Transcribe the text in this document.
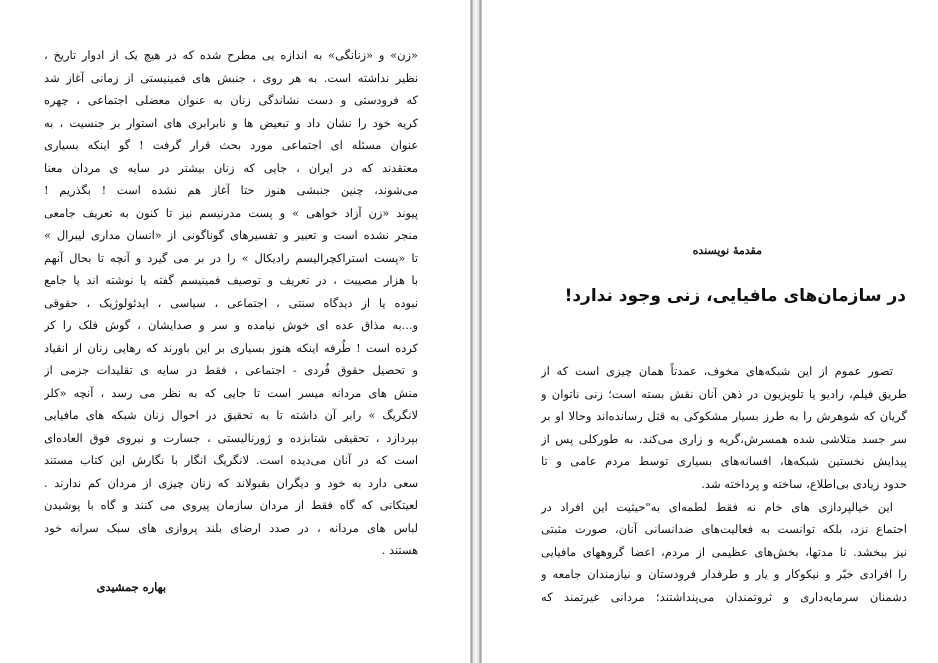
«زن» و «زنانگی» به اندازه یی مطرح شده که در هیچ یک از ادوار تاریخ ،
نظیر نداشته است. به هر روی ، جنبش های فمینیستی از زمانی آغاز شد
که فرودستی و دست نشاندگی زنان به عنوان معضلی اجتماعی ، چهره
کریه خود را نشان داد و تبعیض ها و نابرابری های استوار بر جنسیت ، به
عنوان مسئله ای اجتماعی مورد بحث قرار گرفت ! گو اینکه بسیاری
معتقدند که در ایران ، جایی که زنان بیشتر در سایه ی مردان معنا
می‌شوند، چنین جنبشی هنوز حتا آغاز هم نشده است ! بگذریم !
پیوند «زن آزاد خواهی » و پست مدرنیسم نیز تا کنون به تعریف جامعی
منجر نشده است و تعبیر و تفسیرهای گوناگونی از «انسان مداری لیبرال »
تا «پست استراکچرالیسم رادیکال » را در بر می گیرد و آنچه تا بحال آنهم
با هزار مصیبت ، در تعریف و توصیف فمینیسم گفته یا نوشته اند یا جامع
نبوده یا از دیدگاه سنتی ، اجتماعی ، سیاسی ، ایدئولوژیک ، حقوقی
و...به مذاق عده ای خوش نیامده و سر و صدایشان ، گوش فلک را کر
کرده است ! طُرفه اینکه هنوز بسیاری بر این باورند که رهایی زنان از انقیاد
و تحصیل حقوق فُردی - اجتماعی ، فقط در سایه ی تقلیدات جزمی از
منش های مردانه میسر است تا جایی که به نظر می رسد ، آنچه «کلر
لانگریگ » رابر آن داشته تا به تحقیق در احوال زنان شبکه های مافیایی
بپردازد ، تحقیقی شتابزده و ژورنالیستی ، جسارت و نیروی فوق العاده‌ای
است که در آنان می‌دیده است. لانگریگ انگار با نگارش این کتاب مستند
سعی دارد به خود و دیگران بقبولاند که زنان چیزی از مردان کم ندارند .
لعیتکانی که گاه فقط از مردان سازمان پیروی می کنند و گاه با پوشیدن
لباس های مردانه ، در صدد ارضای بلند پروازی های سبک سرانه خود
هستند .
بهاره جمشیدی
مقدمهٔ نویسنده
در سازمان‌های مافیایی، زنی وجود ندارد!
تصور عموم از این شبکه‌های مخوف، عمدتاً همان چیزی است که از
طریق فیلم، رادیو یا تلویزیون در ذهن آنان نقش بسته است؛ زنی ناتوان و
گریان که شوهرش را به طرز بسیار مشکوکی به قتل رسانده‌اند وحالا او بر
سر جسد متلاشی شده همسرش،گریه و زاری می‌کند. به طورکلی پس از
پیدایش نخستین شبکه‌ها، افسانه‌های بسیاری توسط مردم عامی و تا
حدود زیادی بی‌اطلاع، ساخته و پرداخته شد.
این خیالپردازی های خام نه فقط لطمه‌ای به‌"حیثیت این افراد در
اجتماع نزد، بلکه توانست به فعالیت‌های ضدانسانی آنان، صورت مثبتی
نیز ببخشد. تا مدتها، بخش‌های عظیمی از مردم، اعضا گروههای مافیایی
را افرادی خیّر و نیکوکار و یار و طرفدار فرودستان و نیازمندان جامعه و
دشمنان سرمایه‌داری و ثروتمندان می‌پنداشتند؛ مردانی غیرتمند که
